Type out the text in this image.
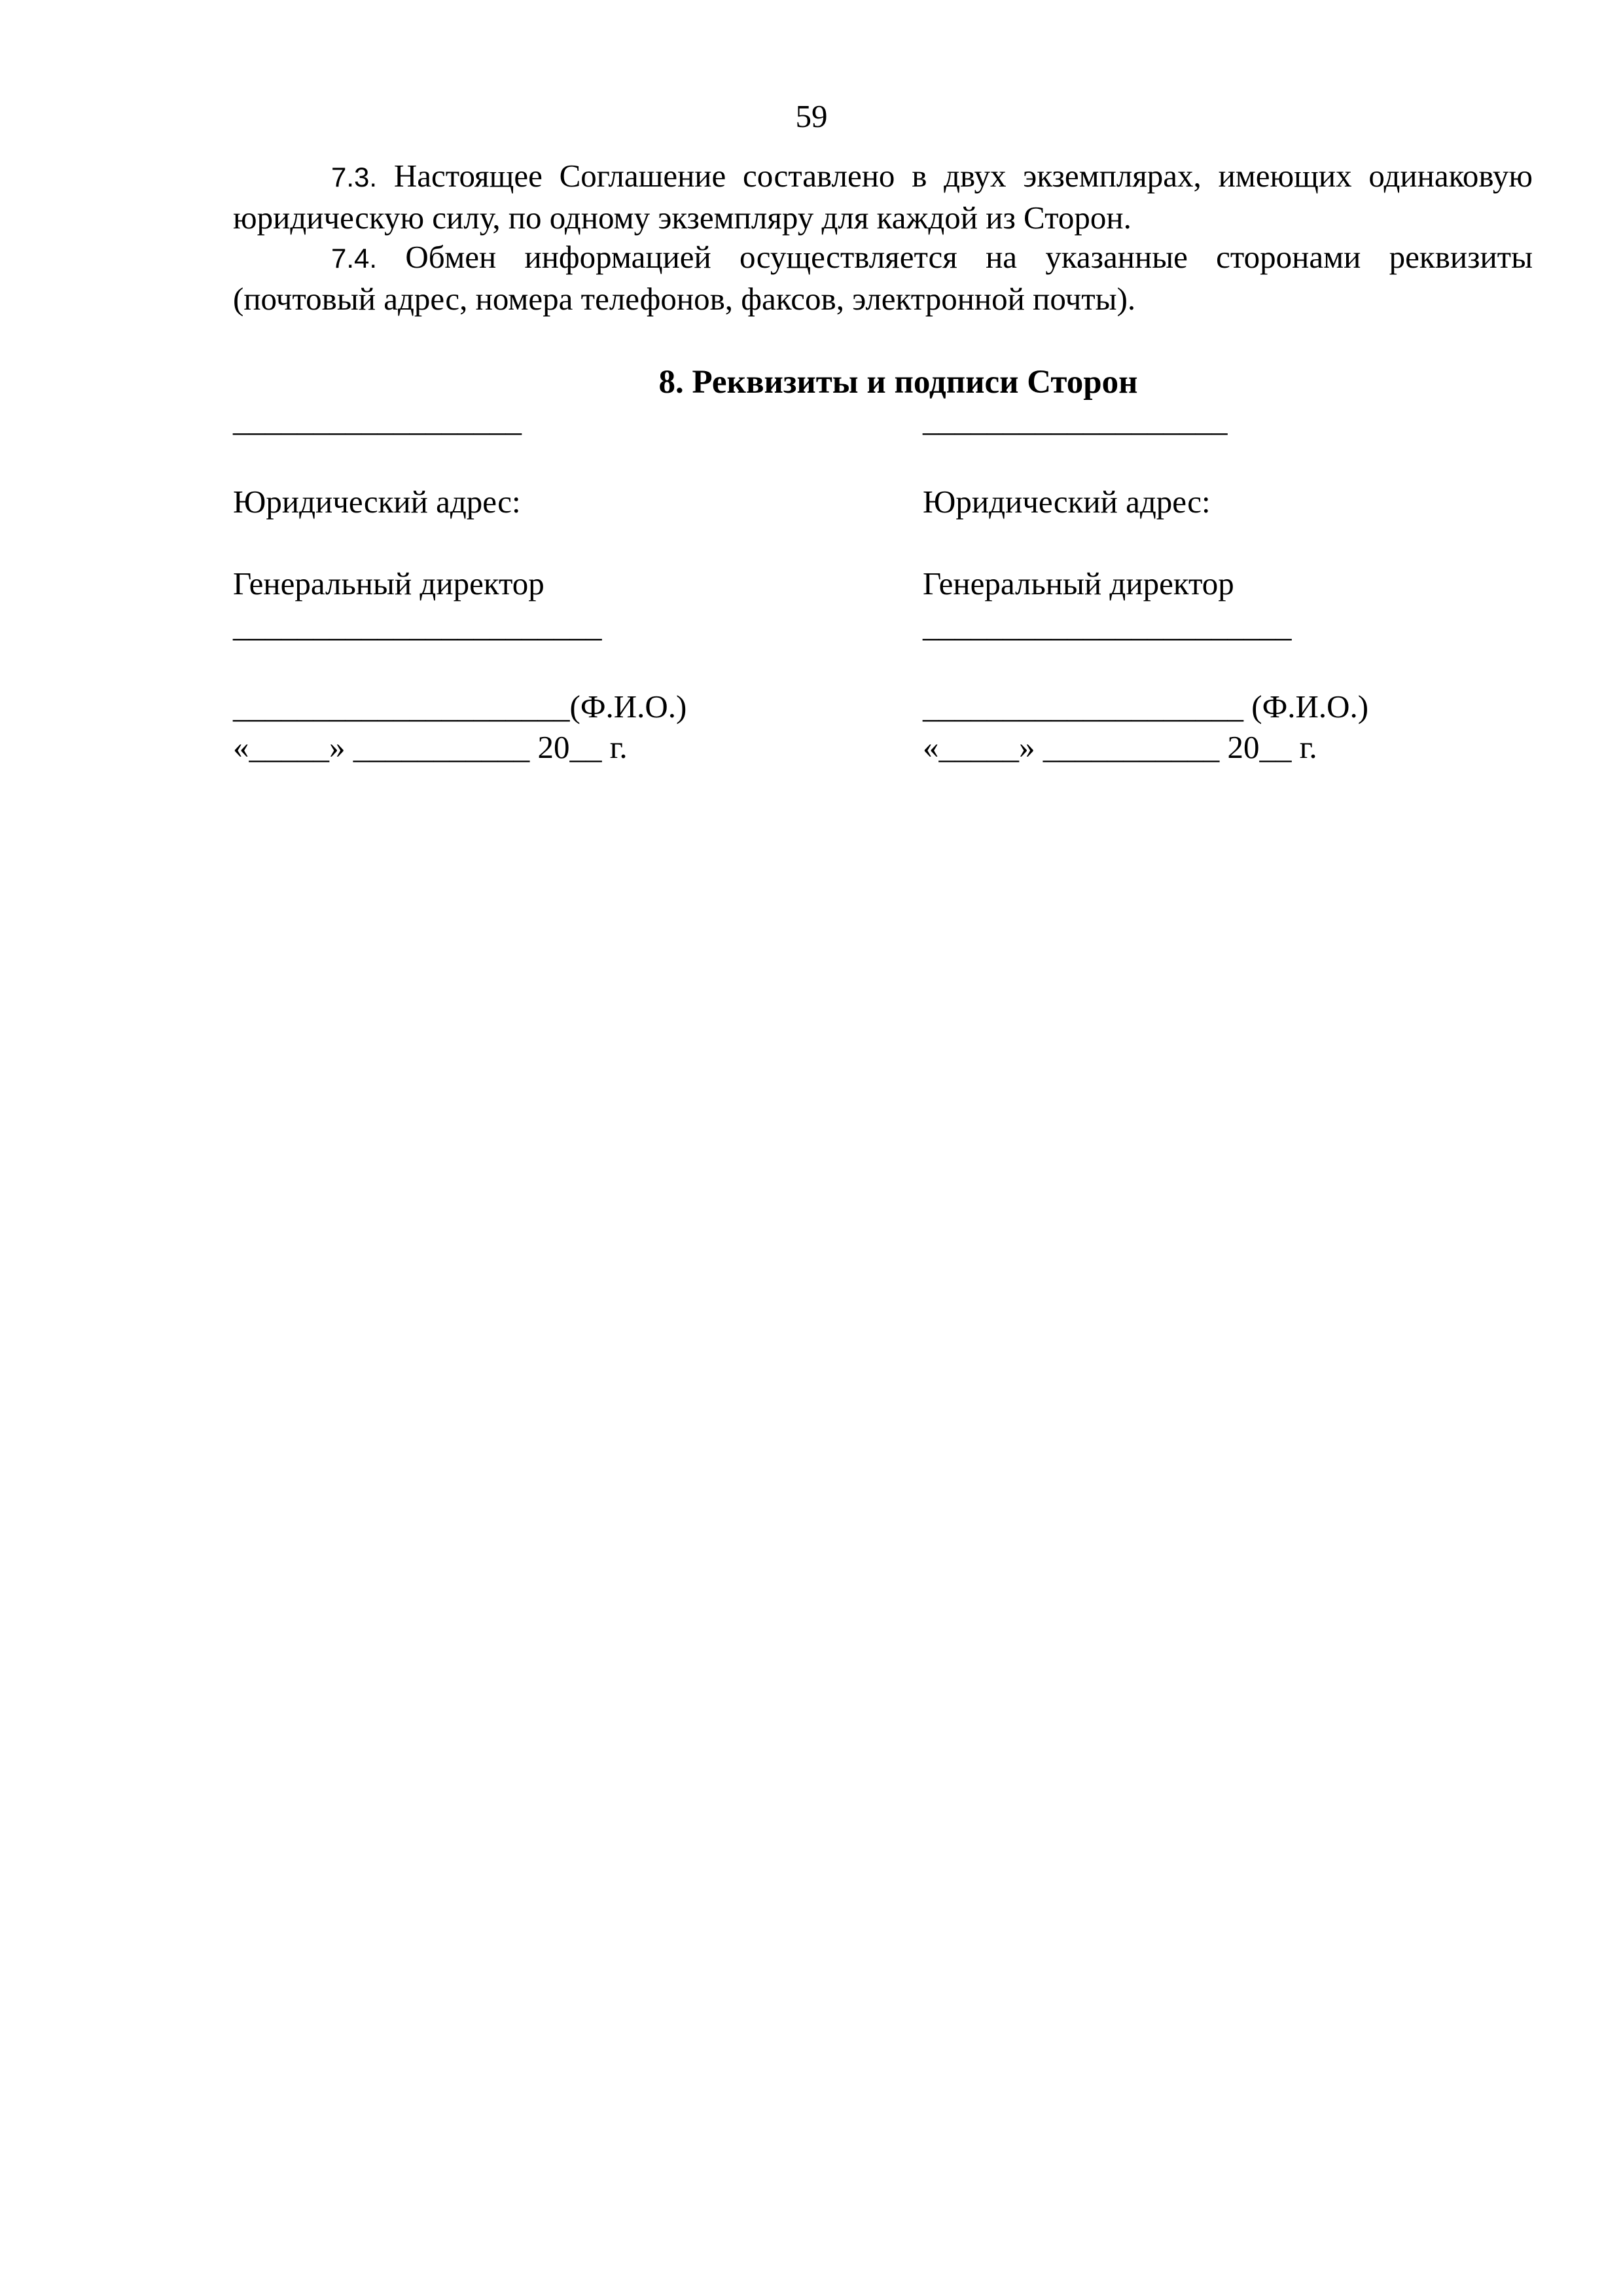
59

7.3. Настоящее Соглашение составлено в двух экземплярах, имеющих одинаковую юридическую силу, по одному экземпляру для каждой из Сторон.

7.4. Обмен информацией осуществляется на указанные сторонами реквизиты (почтовый адрес, номера телефонов, факсов, электронной почты).

8. Реквизиты и подписи Сторон
__________________
Юридический адрес:
Генеральный директор
_______________________
_____________________(Ф.И.О.)
«_____» ___________ 20__ г.
___________________
Юридический адрес:
Генеральный директор
_______________________
____________________ (Ф.И.О.)
«_____» ___________ 20__ г.
